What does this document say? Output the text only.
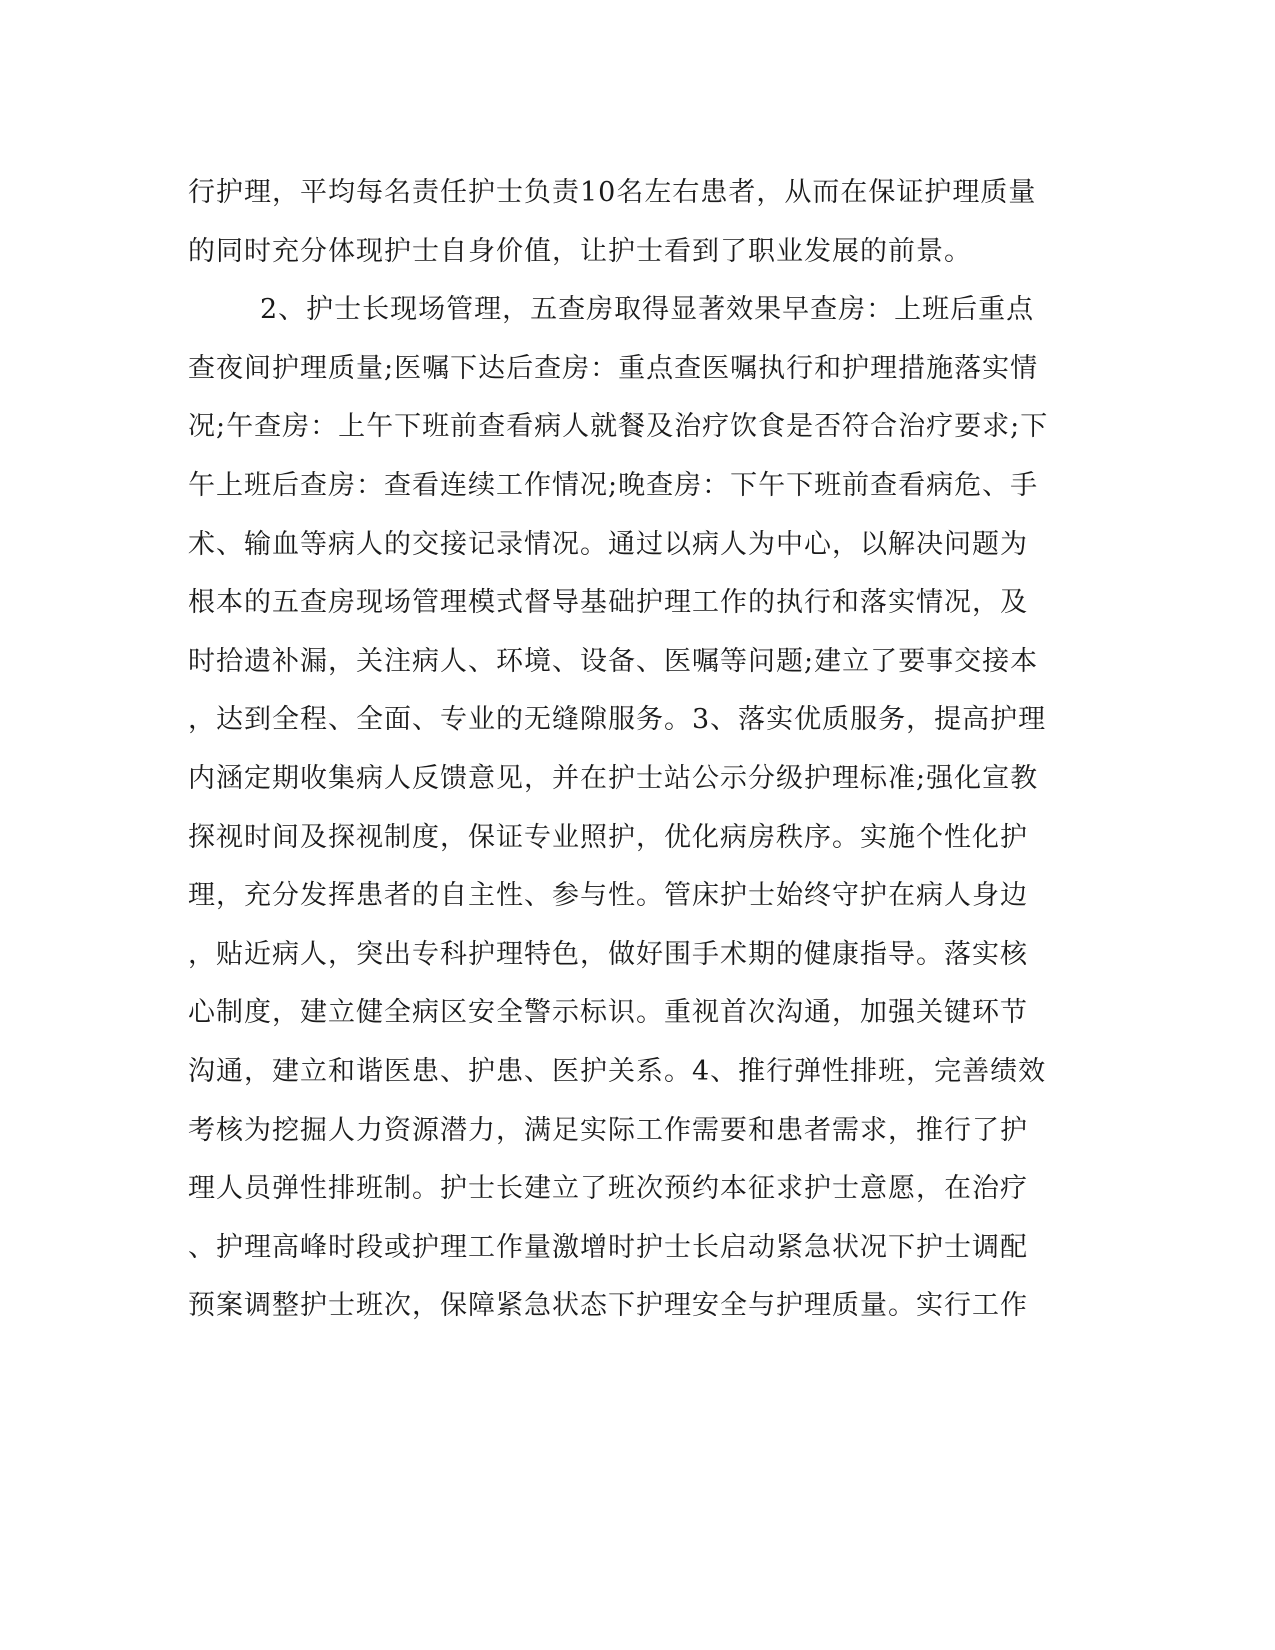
行护理，平均每名责任护士负责10名左右患者，从而在保证护理质量
的同时充分体现护士自身价值，让护士看到了职业发展的前景。
2、护士长现场管理，五查房取得显著效果早查房：上班后重点
查夜间护理质量;医嘱下达后查房：重点查医嘱执行和护理措施落实情
况;午查房：上午下班前查看病人就餐及治疗饮食是否符合治疗要求;下
午上班后查房：查看连续工作情况;晚查房：下午下班前查看病危、手
术、输血等病人的交接记录情况。通过以病人为中心，以解决问题为
根本的五查房现场管理模式督导基础护理工作的执行和落实情况，及
时拾遗补漏，关注病人、环境、设备、医嘱等问题;建立了要事交接本
，达到全程、全面、专业的无缝隙服务。3、落实优质服务，提高护理
内涵定期收集病人反馈意见，并在护士站公示分级护理标准;强化宣教
探视时间及探视制度，保证专业照护，优化病房秩序。实施个性化护
理，充分发挥患者的自主性、参与性。管床护士始终守护在病人身边
，贴近病人，突出专科护理特色，做好围手术期的健康指导。落实核
心制度，建立健全病区安全警示标识。重视首次沟通，加强关键环节
沟通，建立和谐医患、护患、医护关系。4、推行弹性排班，完善绩效
考核为挖掘人力资源潜力，满足实际工作需要和患者需求，推行了护
理人员弹性排班制。护士长建立了班次预约本征求护士意愿，在治疗
、护理高峰时段或护理工作量激增时护士长启动紧急状况下护士调配
预案调整护士班次，保障紧急状态下护理安全与护理质量。实行工作
